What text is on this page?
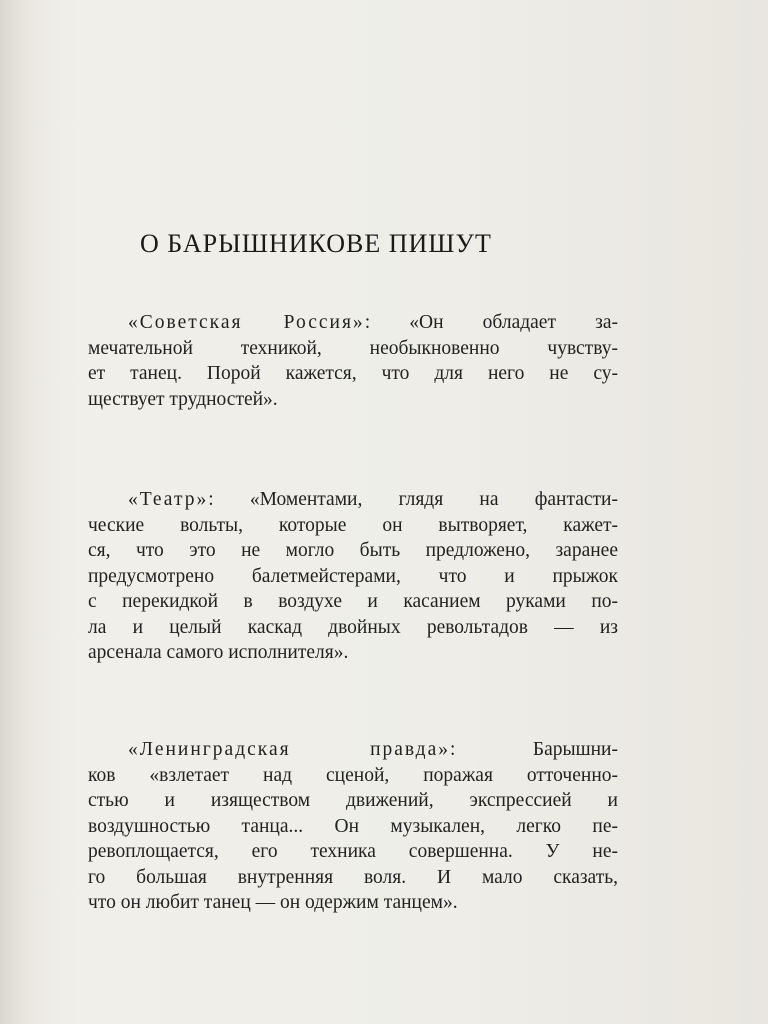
О БАРЫШНИКОВЕ ПИШУТ
«Советская Россия»: «Он обладает за-
мечательной техникой, необыкновенно чувству-
ет танец. Порой кажется, что для него не су-
ществует трудностей».
«Театр»: «Моментами, глядя на фантасти-
ческие вольты, которые он вытворяет, кажет-
ся, что это не могло быть предложено, заранее
предусмотрено балетмейстерами, что и прыжок
с перекидкой в воздухе и касанием руками по-
ла и целый каскад двойных револьтадов — из
арсенала самого исполнителя».
«Ленинградская правда»: Барышни-
ков «взлетает над сценой, поражая отточенно-
стью и изяществом движений, экспрессией и
воздушностью танца... Он музыкален, легко пе-
ревоплощается, его техника совершенна. У не-
го большая внутренняя воля. И мало сказать,
что он любит танец — он одержим танцем».
